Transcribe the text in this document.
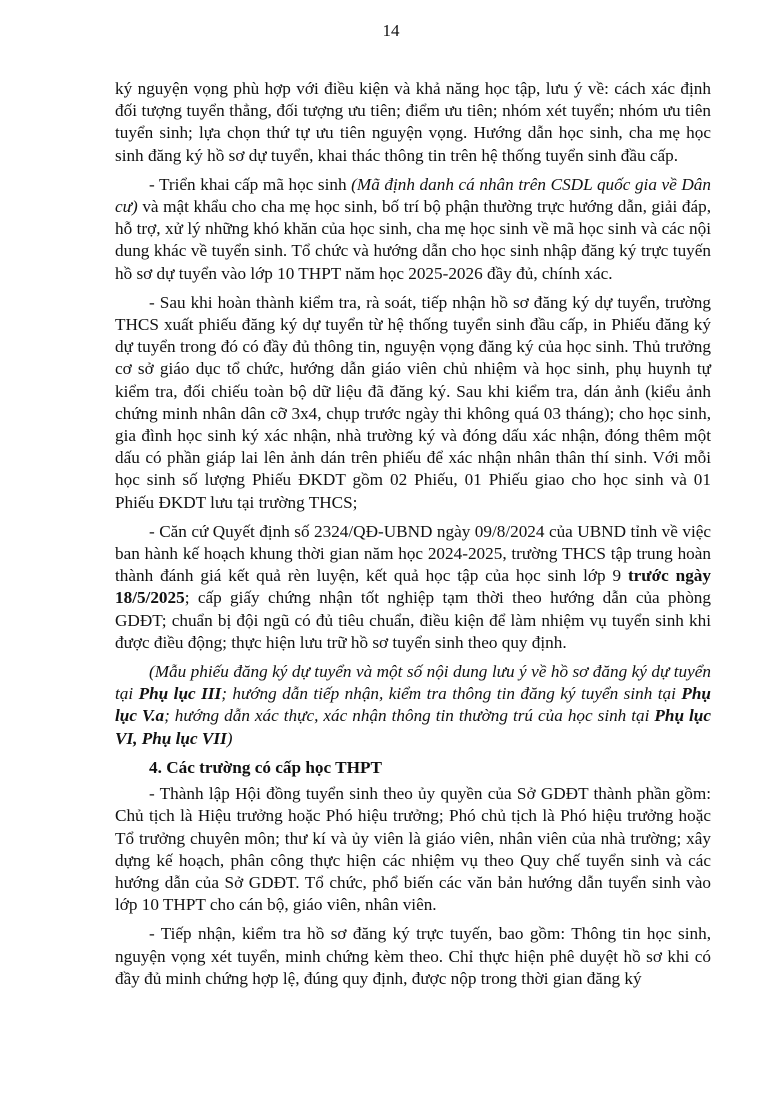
14

ký nguyện vọng phù hợp với điều kiện và khả năng học tập, lưu ý về: cách xác định đối tượng tuyển thẳng, đối tượng ưu tiên; điểm ưu tiên; nhóm xét tuyển; nhóm ưu tiên tuyển sinh; lựa chọn thứ tự ưu tiên nguyện vọng. Hướng dẫn học sinh, cha mẹ học sinh đăng ký hồ sơ dự tuyển, khai thác thông tin trên hệ thống tuyển sinh đầu cấp.

- Triển khai cấp mã học sinh (Mã định danh cá nhân trên CSDL quốc gia về Dân cư) và mật khẩu cho cha mẹ học sinh, bố trí bộ phận thường trực hướng dẫn, giải đáp, hỗ trợ, xử lý những khó khăn của học sinh, cha mẹ học sinh về mã học sinh và các nội dung khác về tuyển sinh. Tổ chức và hướng dẫn cho học sinh nhập đăng ký trực tuyến hồ sơ dự tuyển vào lớp 10 THPT năm học 2025-2026 đầy đủ, chính xác.

- Sau khi hoàn thành kiểm tra, rà soát, tiếp nhận hồ sơ đăng ký dự tuyển, trường THCS xuất phiếu đăng ký dự tuyển từ hệ thống tuyển sinh đầu cấp, in Phiếu đăng ký dự tuyển trong đó có đầy đủ thông tin, nguyện vọng đăng ký của học sinh. Thủ trưởng cơ sở giáo dục tổ chức, hướng dẫn giáo viên chủ nhiệm và học sinh, phụ huynh tự kiểm tra, đối chiếu toàn bộ dữ liệu đã đăng ký. Sau khi kiểm tra, dán ảnh (kiểu ảnh chứng minh nhân dân cỡ 3x4, chụp trước ngày thi không quá 03 tháng); cho học sinh, gia đình học sinh ký xác nhận, nhà trường ký và đóng dấu xác nhận, đóng thêm một dấu có phần giáp lai lên ảnh dán trên phiếu để xác nhận nhân thân thí sinh. Với mỗi học sinh số lượng Phiếu ĐKDT gồm 02 Phiếu, 01 Phiếu giao cho học sinh và 01 Phiếu ĐKDT lưu tại trường THCS;

- Căn cứ Quyết định số 2324/QĐ-UBND ngày 09/8/2024 của UBND tỉnh về việc ban hành kế hoạch khung thời gian năm học 2024-2025, trường THCS tập trung hoàn thành đánh giá kết quả rèn luyện, kết quả học tập của học sinh lớp 9 trước ngày 18/5/2025; cấp giấy chứng nhận tốt nghiệp tạm thời theo hướng dẫn của phòng GDĐT; chuẩn bị đội ngũ có đủ tiêu chuẩn, điều kiện để làm nhiệm vụ tuyển sinh khi được điều động; thực hiện lưu trữ hồ sơ tuyển sinh theo quy định.

(Mẫu phiếu đăng ký dự tuyển và một số nội dung lưu ý về hồ sơ đăng ký dự tuyển tại Phụ lục III; hướng dẫn tiếp nhận, kiểm tra thông tin đăng ký tuyển sinh tại Phụ lục V.a; hướng dẫn xác thực, xác nhận thông tin thường trú của học sinh tại Phụ lục VI, Phụ lục VII)

4. Các trường có cấp học THPT

- Thành lập Hội đồng tuyển sinh theo ủy quyền của Sở GDĐT thành phần gồm: Chủ tịch là Hiệu trưởng hoặc Phó hiệu trưởng; Phó chủ tịch là Phó hiệu trưởng hoặc Tổ trưởng chuyên môn; thư kí và ủy viên là giáo viên, nhân viên của nhà trường; xây dựng kế hoạch, phân công thực hiện các nhiệm vụ theo Quy chế tuyển sinh và các hướng dẫn của Sở GDĐT. Tổ chức, phổ biến các văn bản hướng dẫn tuyển sinh vào lớp 10 THPT cho cán bộ, giáo viên, nhân viên.

- Tiếp nhận, kiểm tra hồ sơ đăng ký trực tuyến, bao gồm: Thông tin học sinh, nguyện vọng xét tuyển, minh chứng kèm theo. Chỉ thực hiện phê duyệt hồ sơ khi có đầy đủ minh chứng hợp lệ, đúng quy định, được nộp trong thời gian đăng ký
